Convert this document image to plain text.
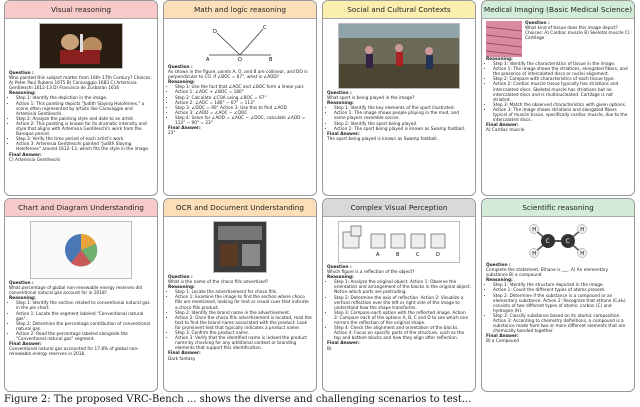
Visual reasoning

Question :

Who painted this subject matter from 16th–17th Century? Choices: A) Peter Paul Rubens 1675 B) Caravaggio 1683 C) Artemisia Gentileschi 1612-13 D) Francisco de Zurbarán 1616

Reasoning:

• Step 1: Identify the depiction in the image.
• Action 1: This painting depicts "Judith Slaying Holofernes," a scene often represented by artists like Caravaggio and Artemisia Gentileschi.
• Step 2: Analyze the painting style and date to an artist.
• Action 2: This painting is known for its dramatic intensity and style that aligns with Artemisia Gentileschi's work from the Baroque period.
• Step 3: Verify the time period of each artist's work.
• Action 3: Artemisia Gentileschi painted "Judith Slaying Holofernes" around 1612–13, which fits the style in the image.

Final Answer:

C) Artemisia Gentileschi

Math and logic reasoning
A	O	B
C
D

Question :

As shown in the figure, points A, O, and B are collinear, and DO is perpendicular to CO. If ∠BOC = 67°, what is ∠AOD?

Reasoning:

• Step 1: Use the fact that ∠AOC and ∠BOC form a linear pair.
• Action 1: ∠AOC + ∠BOC = 180°
• Step 2: Calculate ∠COA using ∠BOC = 67°
• Action 2: ∠AOC = 180° − 67° = 113°
• Step 3: ∠DOC = 90° Action 3: Use this to find ∠AOD
• Action 3: ∠AOD = ∠AOC − ∠DOC
• Step 4: Solve for ∠AOD = ∠AOC − ∠DOC, calculate ∠AOD = 113° − 90° = 23°

Final Answer:

23°

Social and Cultural Contexts

Question :

What sport is being played in the image?

Reasoning:

• Step 1: Identify the key elements of the sport illustrated.
• Action 1: The image shows people playing in the mud, and some players resemble soccer.
• Step 2: Identify the sport being played.
• Action 2: The sport being played is known as Swamp football.

Final Answer:

The sport being played is known as Swamp football.

Medical Imaging (Basic Medical Science)

Question :

What kind of tissue does this image depict? Choices: A) Cardiac muscle B) Skeletal muscle C) Cartilage

Reasoning:

• Step 1: Identify the characteristics of tissue in the image.
• Action 1: The image shows the striations, elongated fibers, and the presence of intercalated discs or nuclei alignment.
• Step 2: Compare with characteristics of each tissue type.
• Action 2: Cardiac muscle tissue typically has striations and intercalated discs. Skeletal muscle has striations but no intercalated discs and is multinucleated. Cartilage is not striated.
• Step 3: Match the observed characteristics with given options.
• Action 3: The image shows striations and elongated fibers typical of muscle tissue, specifically cardiac muscle, due to the intercalated discs.

Final Answer:

A) Cardiac muscle

Chart and Diagram Understanding

Question :

What percentage of global non-renewable energy reserves did conventional natural gas account for in 2018?

Reasoning:

• Step 1: Identify the section related to conventional natural gas in the pie chart.
• Action 1: Locate the segment labeled "Conventional natural gas".
• Step 2: Determine the percentage contribution of conventional natural gas.
• Action 2: Read the percentage labeled alongside the "Conventional natural gas" segment.

Final Answer:

Conventional natural gas accounted for 17.8% of global non-renewable energy reserves in 2018.

OCR and Document Understanding

Question :

What is the name of the choco fills advertised?

Reasoning:

• Step 1: Locate the advertisement for choco fills.
• Action 1: Examine the image to find the section where choco fills are mentioned, looking for text or visual cues that indicate a choco fills product.
• Step 2: Identify the brand name in the advertisement.
• Action 2: Once the choco fills advertisement is located, read the text to find the brand name associated with the product. Look for prominent text that typically indicates a product name.
• Step 3: Confirm the product name.
• Action 3: Verify that the identified name is indeed the product name by checking for any additional context or branding elements that support this identification.

Final Answer:

Dark fantasy

Complex Visual Perception
A	B	C	D

Question :

Which figure is a reflection of the object?

Reasoning:

• Step 1: Analyze the original object. Action 1: Observe the orientation and arrangement of the blocks in the original object. Notice which parts are protruding.
• Step 2: Determine the axis of reflection. Action 2: Visualize a vertical reflection over the left or right side of the image to understand how the shape transforms.
• Step 3: Compare each option with the reflected image. Action 3: Compare each of the options A, B, C and D to see which one mirrors the reflection of the original shape.
• Step 4: Check the alignment and orientation of the blocks. Action 4: Focus on specific parts of the structure, such as the top and bottom blocks and how they align after reflection.

Final Answer:

B)

Scientific reasoning
C	C
H
H
H
H

Question :

Complete the statement. Ethane is ___. A) An elementary substance B) a compound

Reasoning:

• Step 1: Identify the structure depicted in the image.
• Action 1: Count the different types of atoms present.
• Step 2: Determine if the substance is a compound or an elementary substance. Action 2: Recognize that ethane (C₂H₆) consists of two different types of atoms: carbon (C) and hydrogen (H).
• Step 3: Classify substance based on its atomic composition. Action 3: According to chemistry definitions, a compound is a substance made from two or more different elements that are chemically bonded together.

Final Answer:

B) a Compound

Figure 2: The proposed VRC-Bench ... shows the diverse and challenging scenarios to test...
